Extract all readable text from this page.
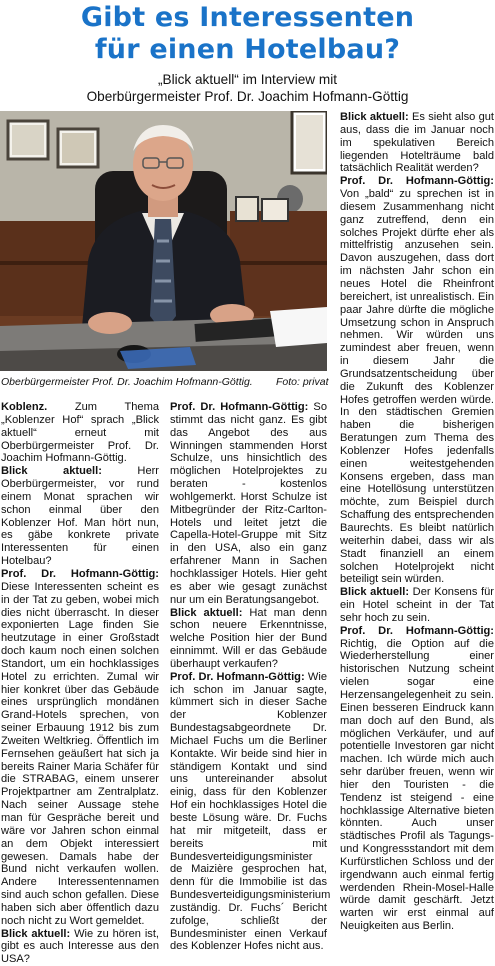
Gibt es Interessenten
für einen Hotelbau?
„Blick aktuell“ im Interview mit
Oberbürgermeister Prof. Dr. Joachim Hofmann-Göttig
Oberbürgermeister Prof. Dr. Joachim Hofmann-Göttig. Foto: privat

Koblenz. Zum Thema „Koblenzer Hof“ sprach „Blick aktuell“ erneut mit Oberbürgermeister Prof. Dr. Joachim Hofmann-Göttig.

Blick aktuell: Herr Oberbürgermeister, vor rund einem Monat sprachen wir schon einmal über den Koblenzer Hof. Man hört nun, es gäbe konkrete private Interessenten für einen Hotelbau?

Prof. Dr. Hofmann-Göttig: Diese Interessenten scheint es in der Tat zu geben, wobei mich dies nicht überrascht. In dieser exponierten Lage finden Sie heutzutage in einer Großstadt doch kaum noch einen solchen Standort, um ein hochklassiges Hotel zu errichten. Zumal wir hier konkret über das Gebäude eines ursprünglich mondänen Grand-Hotels sprechen, von seiner Erbauung 1912 bis zum Zweiten Weltkrieg. Öffentlich im Fernsehen geäußert hat sich ja bereits Rainer Maria Schäfer für die STRABAG, einem unserer Projektpartner am Zentralplatz. Nach seiner Aussage stehe man für Gespräche bereit und wäre vor Jahren schon einmal an dem Objekt interessiert gewesen. Damals habe der Bund nicht verkaufen wollen. Andere Interessentennamen sind auch schon gefallen. Diese haben sich aber öffentlich dazu noch nicht zu Wort gemeldet.

Blick aktuell: Wie zu hören ist, gibt es auch Interesse aus den USA?

Prof. Dr. Hofmann-Göttig: So stimmt das nicht ganz. Es gibt das Angebot des aus Winningen stammenden Horst Schulze, uns hinsichtlich des möglichen Hotelprojektes zu beraten - kostenlos wohlgemerkt. Horst Schulze ist Mitbegründer der Ritz-Carlton-Hotels und leitet jetzt die Capella-Hotel-Gruppe mit Sitz in den USA, also ein ganz erfahrener Mann in Sachen hochklassiger Hotels. Hier geht es aber wie gesagt zunächst nur um ein Beratungsangebot.

Blick aktuell: Hat man denn schon neuere Erkenntnisse, welche Position hier der Bund einnimmt. Will er das Gebäude überhaupt verkaufen?

Prof. Dr. Hofmann-Göttig: Wie ich schon im Januar sagte, kümmert sich in dieser Sache der Koblenzer Bundestagsabgeordnete Dr. Michael Fuchs um die Berliner Kontakte. Wir beide sind hier in ständigem Kontakt und sind uns untereinander absolut einig, dass für den Koblenzer Hof ein hochklassiges Hotel die beste Lösung wäre. Dr. Fuchs hat mir mitgeteilt, dass er bereits mit Bundesverteidigungsminister de Maizière gesprochen hat, denn für die Immobilie ist das Bundesverteidigungsministerium zuständig. Dr. Fuchs´ Bericht zufolge, schließt der Bundesminister einen Verkauf des Koblenzer Hofes nicht aus.

Blick aktuell: Es sieht also gut aus, dass die im Januar noch im spekulativen Bereich liegenden Hotelträume bald tatsächlich Realität werden?

Prof. Dr. Hofmann-Göttig: Von „bald“ zu sprechen ist in diesem Zusammenhang nicht ganz zutreffend, denn ein solches Projekt dürfte eher als mittelfristig anzusehen sein. Davon auszugehen, dass dort im nächsten Jahr schon ein neues Hotel die Rheinfront bereichert, ist unrealistisch. Ein paar Jahre dürfte die mögliche Umsetzung schon in Anspruch nehmen. Wir würden uns zumindest aber freuen, wenn in diesem Jahr die Grundsatzentscheidung über die Zukunft des Koblenzer Hofes getroffen werden würde. In den städtischen Gremien haben die bisherigen Beratungen zum Thema des Koblenzer Hofes jedenfalls einen weitestgehenden Konsens ergeben, dass man eine Hotellösung unterstützen möchte, zum Beispiel durch Schaffung des entsprechenden Baurechts. Es bleibt natürlich weiterhin dabei, dass wir als Stadt finanziell an einem solchen Hotelprojekt nicht beteiligt sein würden.

Blick aktuell: Der Konsens für ein Hotel scheint in der Tat sehr hoch zu sein.

Prof. Dr. Hofmann-Göttig: Richtig, die Option auf die Wiederherstellung einer historischen Nutzung scheint vielen sogar eine Herzensangelegenheit zu sein. Einen besseren Eindruck kann man doch auf den Bund, als möglichen Verkäufer, und auf potentielle Investoren gar nicht machen. Ich würde mich auch sehr darüber freuen, wenn wir hier den Touristen - die Tendenz ist steigend - eine hochklassige Alternative bieten könnten. Auch unser städtisches Profil als Tagungs- und Kongressstandort mit dem Kurfürstlichen Schloss und der irgendwann auch einmal fertig werdenden Rhein-Mosel-Halle würde damit geschärft. Jetzt warten wir erst einmal auf Neuigkeiten aus Berlin.
